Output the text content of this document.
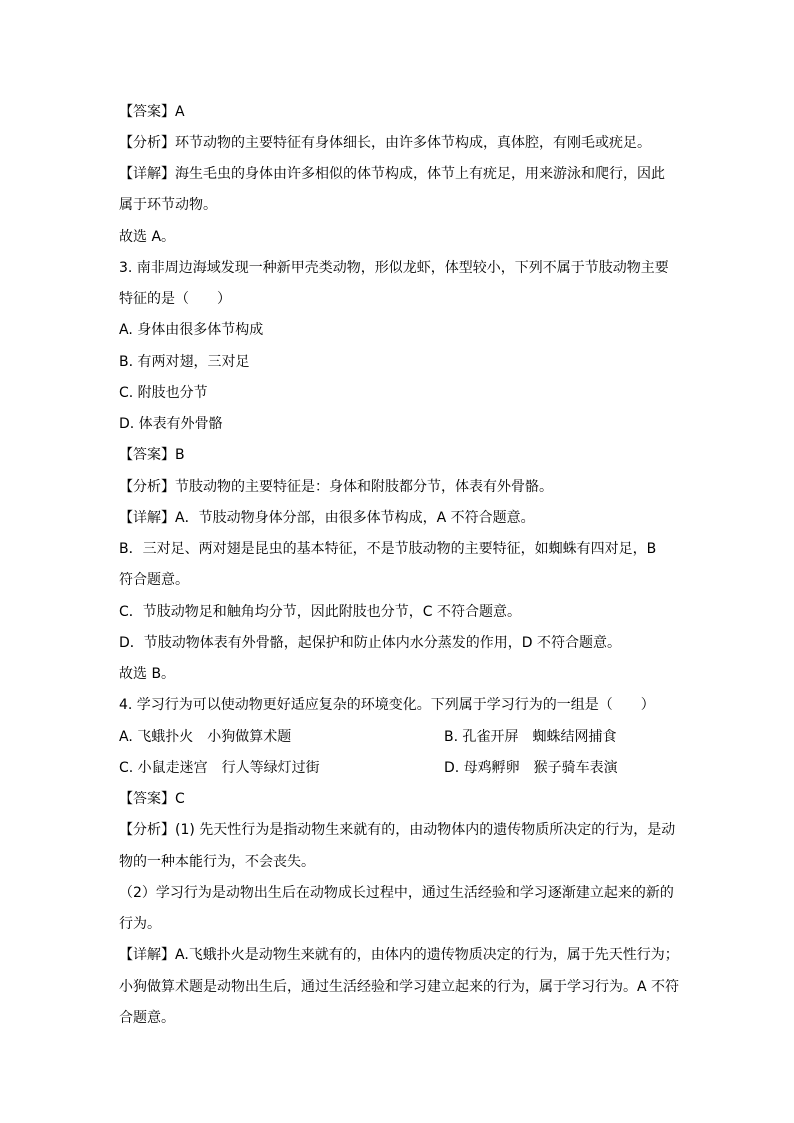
【答案】A
【分析】环节动物的主要特征有身体细长，由许多体节构成，真体腔，有刚毛或疣足。
【详解】海生毛虫的身体由许多相似的体节构成，体节上有疣足，用来游泳和爬行，因此
属于环节动物。
故选 A。
3. 南非周边海域发现一种新甲壳类动物，形似龙虾，体型较小，下列不属于节肢动物主要
特征的是（　　）
A. 身体由很多体节构成
B. 有两对翅，三对足
C. 附肢也分节
D. 体表有外骨骼
【答案】B
【分析】节肢动物的主要特征是：身体和附肢都分节，体表有外骨骼。
【详解】A．节肢动物身体分部，由很多体节构成，A 不符合题意。
B．三对足、两对翅是昆虫的基本特征，不是节肢动物的主要特征，如蜘蛛有四对足，B
符合题意。
C．节肢动物足和触角均分节，因此附肢也分节，C 不符合题意。
D．节肢动物体表有外骨骼，起保护和防止体内水分蒸发的作用，D 不符合题意。
故选 B。
4. 学习行为可以使动物更好适应复杂的环境变化。下列属于学习行为的一组是（　　）
A. 飞蛾扑火　小狗做算术题	B. 孔雀开屏　蜘蛛结网捕食
C. 小鼠走迷宫　行人等绿灯过街	D. 母鸡孵卵　猴子骑车表演
【答案】C
【分析】(1) 先天性行为是指动物生来就有的，由动物体内的遗传物质所决定的行为，是动
物的一种本能行为，不会丧失。
（2）学习行为是动物出生后在动物成长过程中，通过生活经验和学习逐渐建立起来的新的
行为。
【详解】A.飞蛾扑火是动物生来就有的，由体内的遗传物质决定的行为，属于先天性行为；
小狗做算术题是动物出生后，通过生活经验和学习建立起来的行为，属于学习行为。A 不符
合题意。
